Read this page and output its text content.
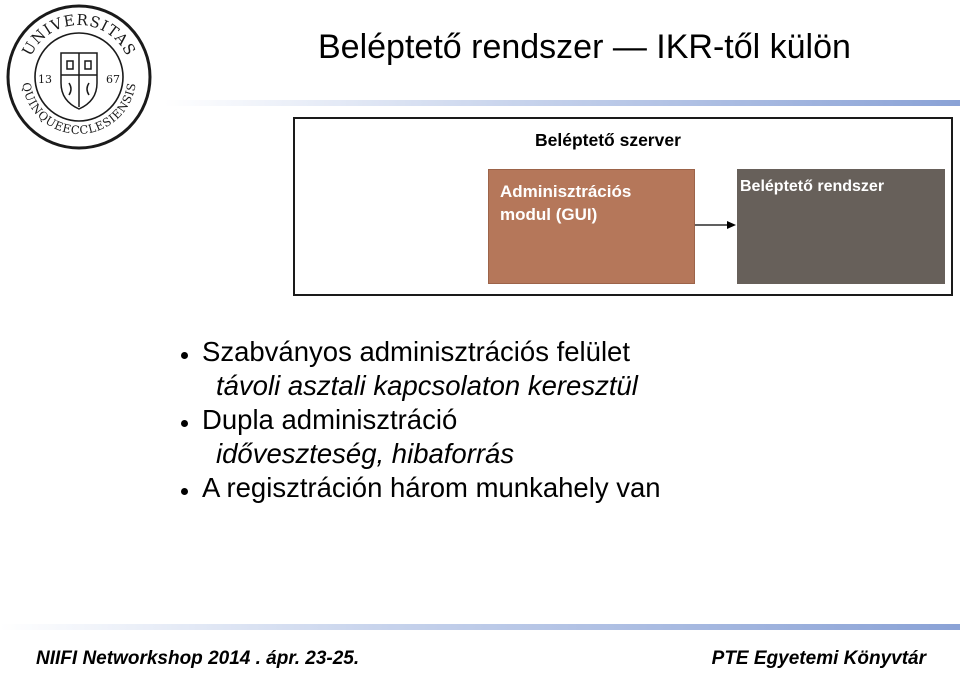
UNIVERSITAS
QUINQUEECCLESIENSIS
13	67
Beléptető rendszer — IKR-től külön
Beléptető szerver
Adminisztrációs
modul (GUI)
Beléptető rendszer
Szabványos adminisztrációs felület
távoli asztali kapcsolaton keresztül
Dupla adminisztráció
időveszteség, hibaforrás
A regisztráción három munkahely van
NIIFI Networkshop 2014 . ápr. 23-25.	PTE Egyetemi Könyvtár
